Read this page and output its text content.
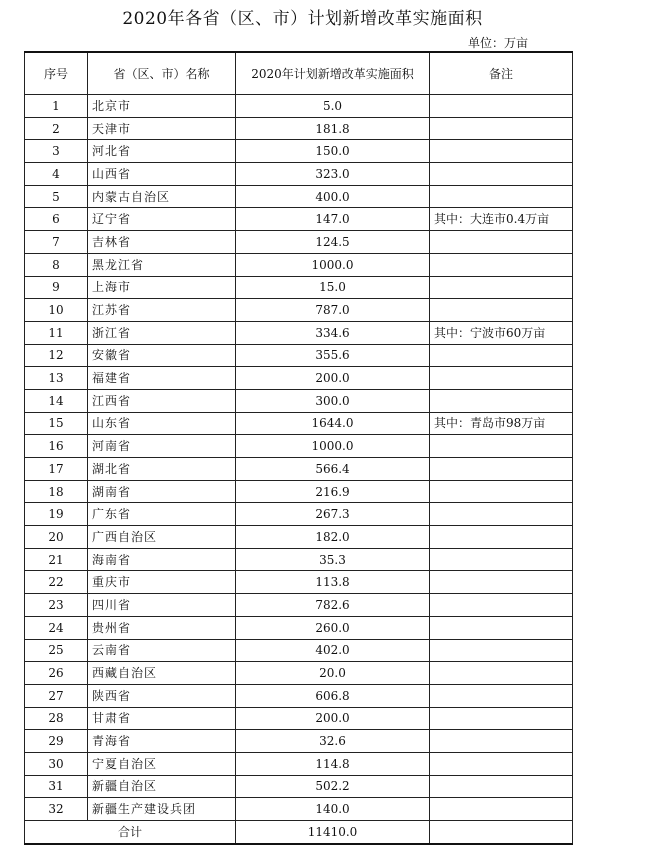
2020年各省（区、市）计划新增改革实施面积
单位：万亩
序号	省（区、市）名称	2020年计划新增改革实施面积	备注
1	北京市	5.0	
2	天津市	181.8	
3	河北省	150.0	
4	山西省	323.0	
5	内蒙古自治区	400.0	
6	辽宁省	147.0	其中：大连市0.4万亩
7	吉林省	124.5	
8	黑龙江省	1000.0	
9	上海市	15.0	
10	江苏省	787.0	
11	浙江省	334.6	其中：宁波市60万亩
12	安徽省	355.6	
13	福建省	200.0	
14	江西省	300.0	
15	山东省	1644.0	其中：青岛市98万亩
16	河南省	1000.0	
17	湖北省	566.4	
18	湖南省	216.9	
19	广东省	267.3	
20	广西自治区	182.0	
21	海南省	35.3	
22	重庆市	113.8	
23	四川省	782.6	
24	贵州省	260.0	
25	云南省	402.0	
26	西藏自治区	20.0	
27	陕西省	606.8	
28	甘肃省	200.0	
29	青海省	32.6	
30	宁夏自治区	114.8	
31	新疆自治区	502.2	
32	新疆生产建设兵团	140.0	
合计		11410.0	
